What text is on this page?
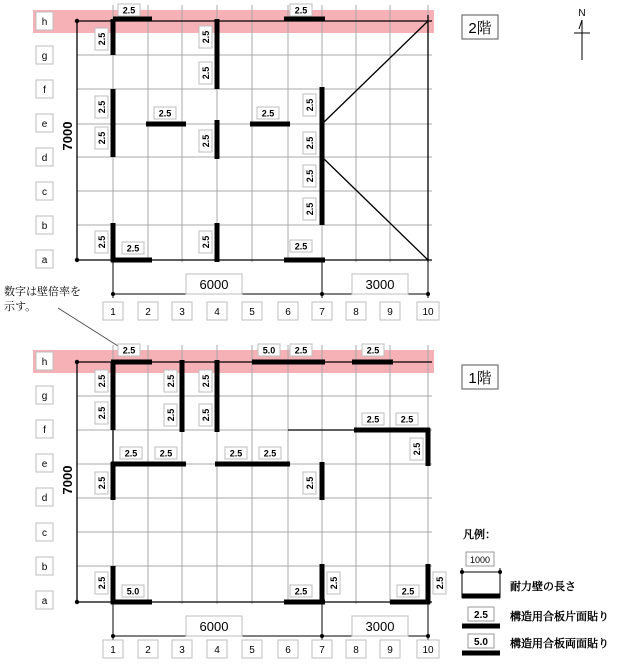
h
g
f
e
d
c
b
a
2.5	2.5
2.5	2.5
2.5
2.5
2.5
2.5
2.5
2.5
2.5
2.5
2.5
2.5
2.5
2.5
2.5	2.5
7000
6000	3000
1	2	3	4	5	6	7	8	9	10
2階
N
数字は壁倍率を
示す。
h
g
f
e
d
c
b
a
2.5	5.0 2.5	2.5
2.5	2.5	2.5
2.5	2.5	2.5	2.5 2.5
2.5
2.5 2.5	2.5 2.5
2.5	2.5
2.5
5.0	2.5
2.5
2.5
2.5
7000
6000	3000
1	2	3	4	5	6	7	8	9	10
1階
凡例：
1000
耐力壁の長さ
2.5 構造用合板片面貼り
5.0 構造用合板両面貼り
